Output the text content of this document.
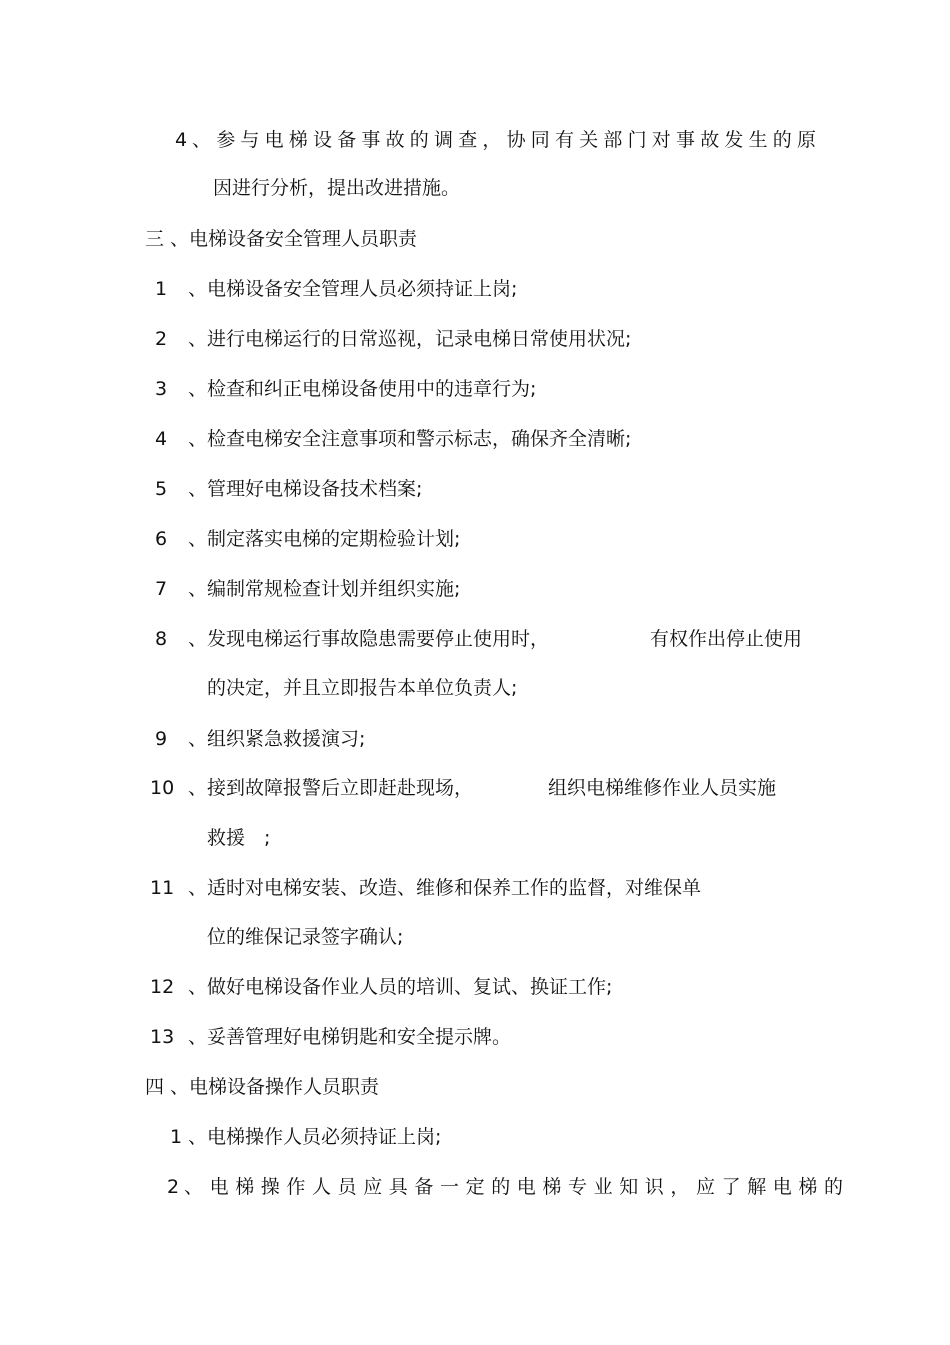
4 、参与电梯设备事故的调查，协同有关部门对事故发生的原
因进行分析，提出改进措施。
三 、电梯设备安全管理人员职责
1 、电梯设备安全管理人员必须持证上岗;
2 、进行电梯运行的日常巡视，记录电梯日常使用状况;
3 、检查和纠正电梯设备使用中的违章行为;
4 、检查电梯安全注意事项和警示标志，确保齐全清晰;
5 、管理好电梯设备技术档案;
6 、制定落实电梯的定期检验计划;
7 、编制常规检查计划并组织实施;
8 、发现电梯运行事故隐患需要停止使用时，	有权作出停止使用
的决定，并且立即报告本单位负责人;
9 、组织紧急救援演习;
10 、接到故障报警后立即赶赴现场，	组织电梯维修作业人员实施
救援　;
11 、适时对电梯安装、改造、维修和保养工作的监督，对维保单
位的维保记录签字确认;
12 、做好电梯设备作业人员的培训、复试、换证工作;
13 、妥善管理好电梯钥匙和安全提示牌。
四 、电梯设备操作人员职责
1 、电梯操作人员必须持证上岗;
2 、电梯操作人员应具备一定的电梯专业知识，应了解电梯的
